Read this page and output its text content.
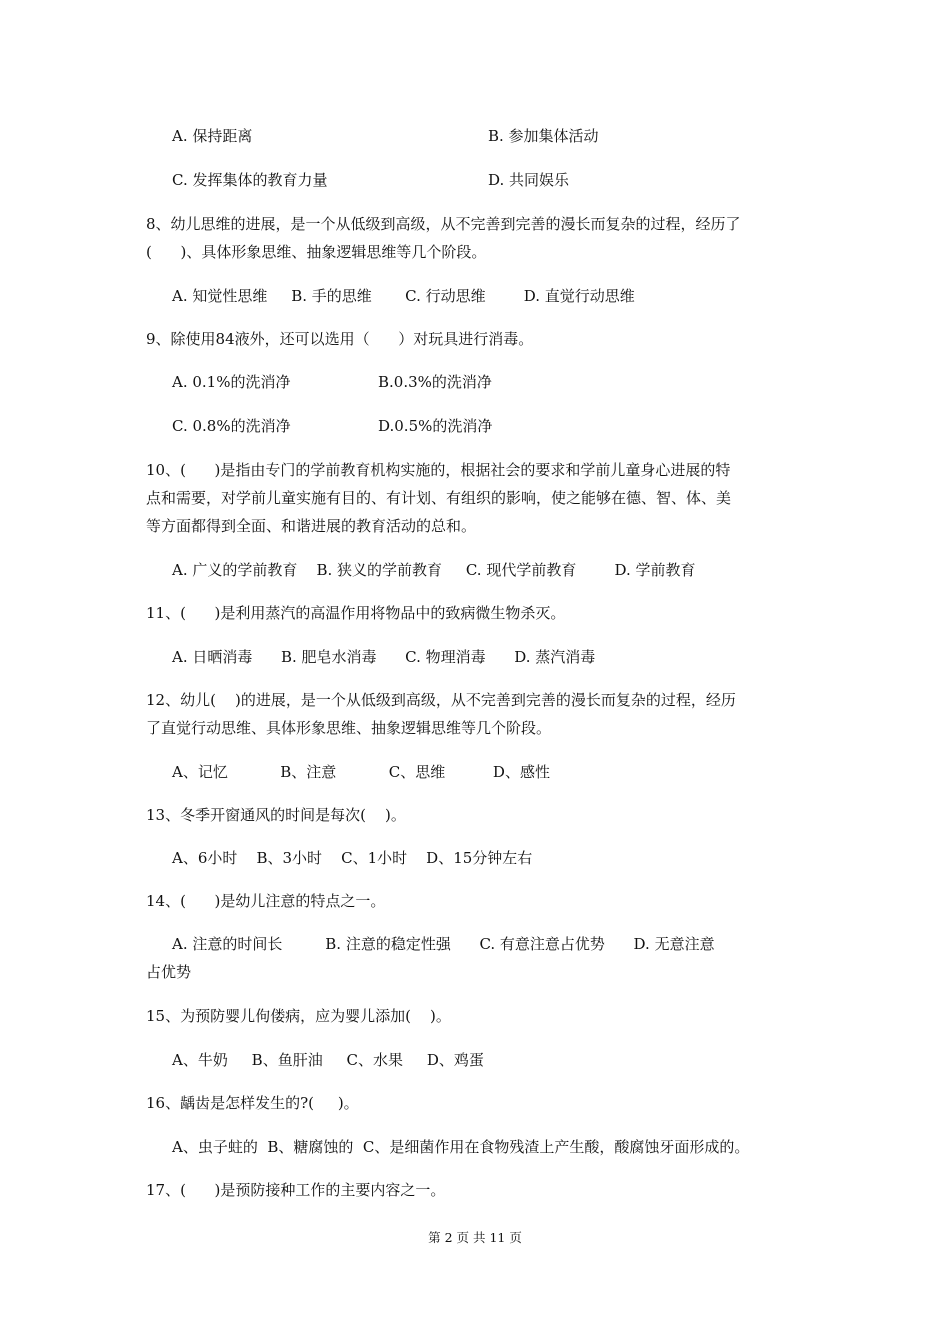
A. 保持距离	B. 参加集体活动
C. 发挥集体的教育力量	D. 共同娱乐
8、幼儿思维的进展，是一个从低级到高级，从不完善到完善的漫长而复杂的过程，经历了
(      )、具体形象思维、抽象逻辑思维等几个阶段。
A. 知觉性思维     B. 手的思维       C. 行动思维        D. 直觉行动思维
9、除使用84液外，还可以选用（      ）对玩具进行消毒。
A. 0.1%的洗消净	B.0.3%的洗消净
C. 0.8%的洗消净	D.0.5%的洗消净
10、(      )是指由专门的学前教育机构实施的，根据社会的要求和学前儿童身心进展的特
点和需要，对学前儿童实施有目的、有计划、有组织的影响，使之能够在德、智、体、美
等方面都得到全面、和谐进展的教育活动的总和。
A. 广义的学前教育    B. 狭义的学前教育     C. 现代学前教育        D. 学前教育
11、(      )是利用蒸汽的高温作用将物品中的致病微生物杀灭。
A. 日晒消毒      B. 肥皂水消毒      C. 物理消毒      D. 蒸汽消毒
12、幼儿(    )的进展，是一个从低级到高级，从不完善到完善的漫长而复杂的过程，经历
了直觉行动思维、具体形象思维、抽象逻辑思维等几个阶段。
A、记忆           B、注意           C、思维          D、感性
13、冬季开窗通风的时间是每次(    )。
A、6小时    B、3小时    C、1小时    D、15分钟左右
14、(      )是幼儿注意的特点之一。
A. 注意的时间长         B. 注意的稳定性强      C. 有意注意占优势      D. 无意注意
占优势
15、为预防婴儿佝偻病，应为婴儿添加(    )。
A、牛奶     B、鱼肝油     C、水果     D、鸡蛋
16、龋齿是怎样发生的?(     )。
A、虫子蛀的  B、糖腐蚀的  C、是细菌作用在食物残渣上产生酸，酸腐蚀牙面形成的。
17、(      )是预防接种工作的主要内容之一。
第 2 页 共 11 页
